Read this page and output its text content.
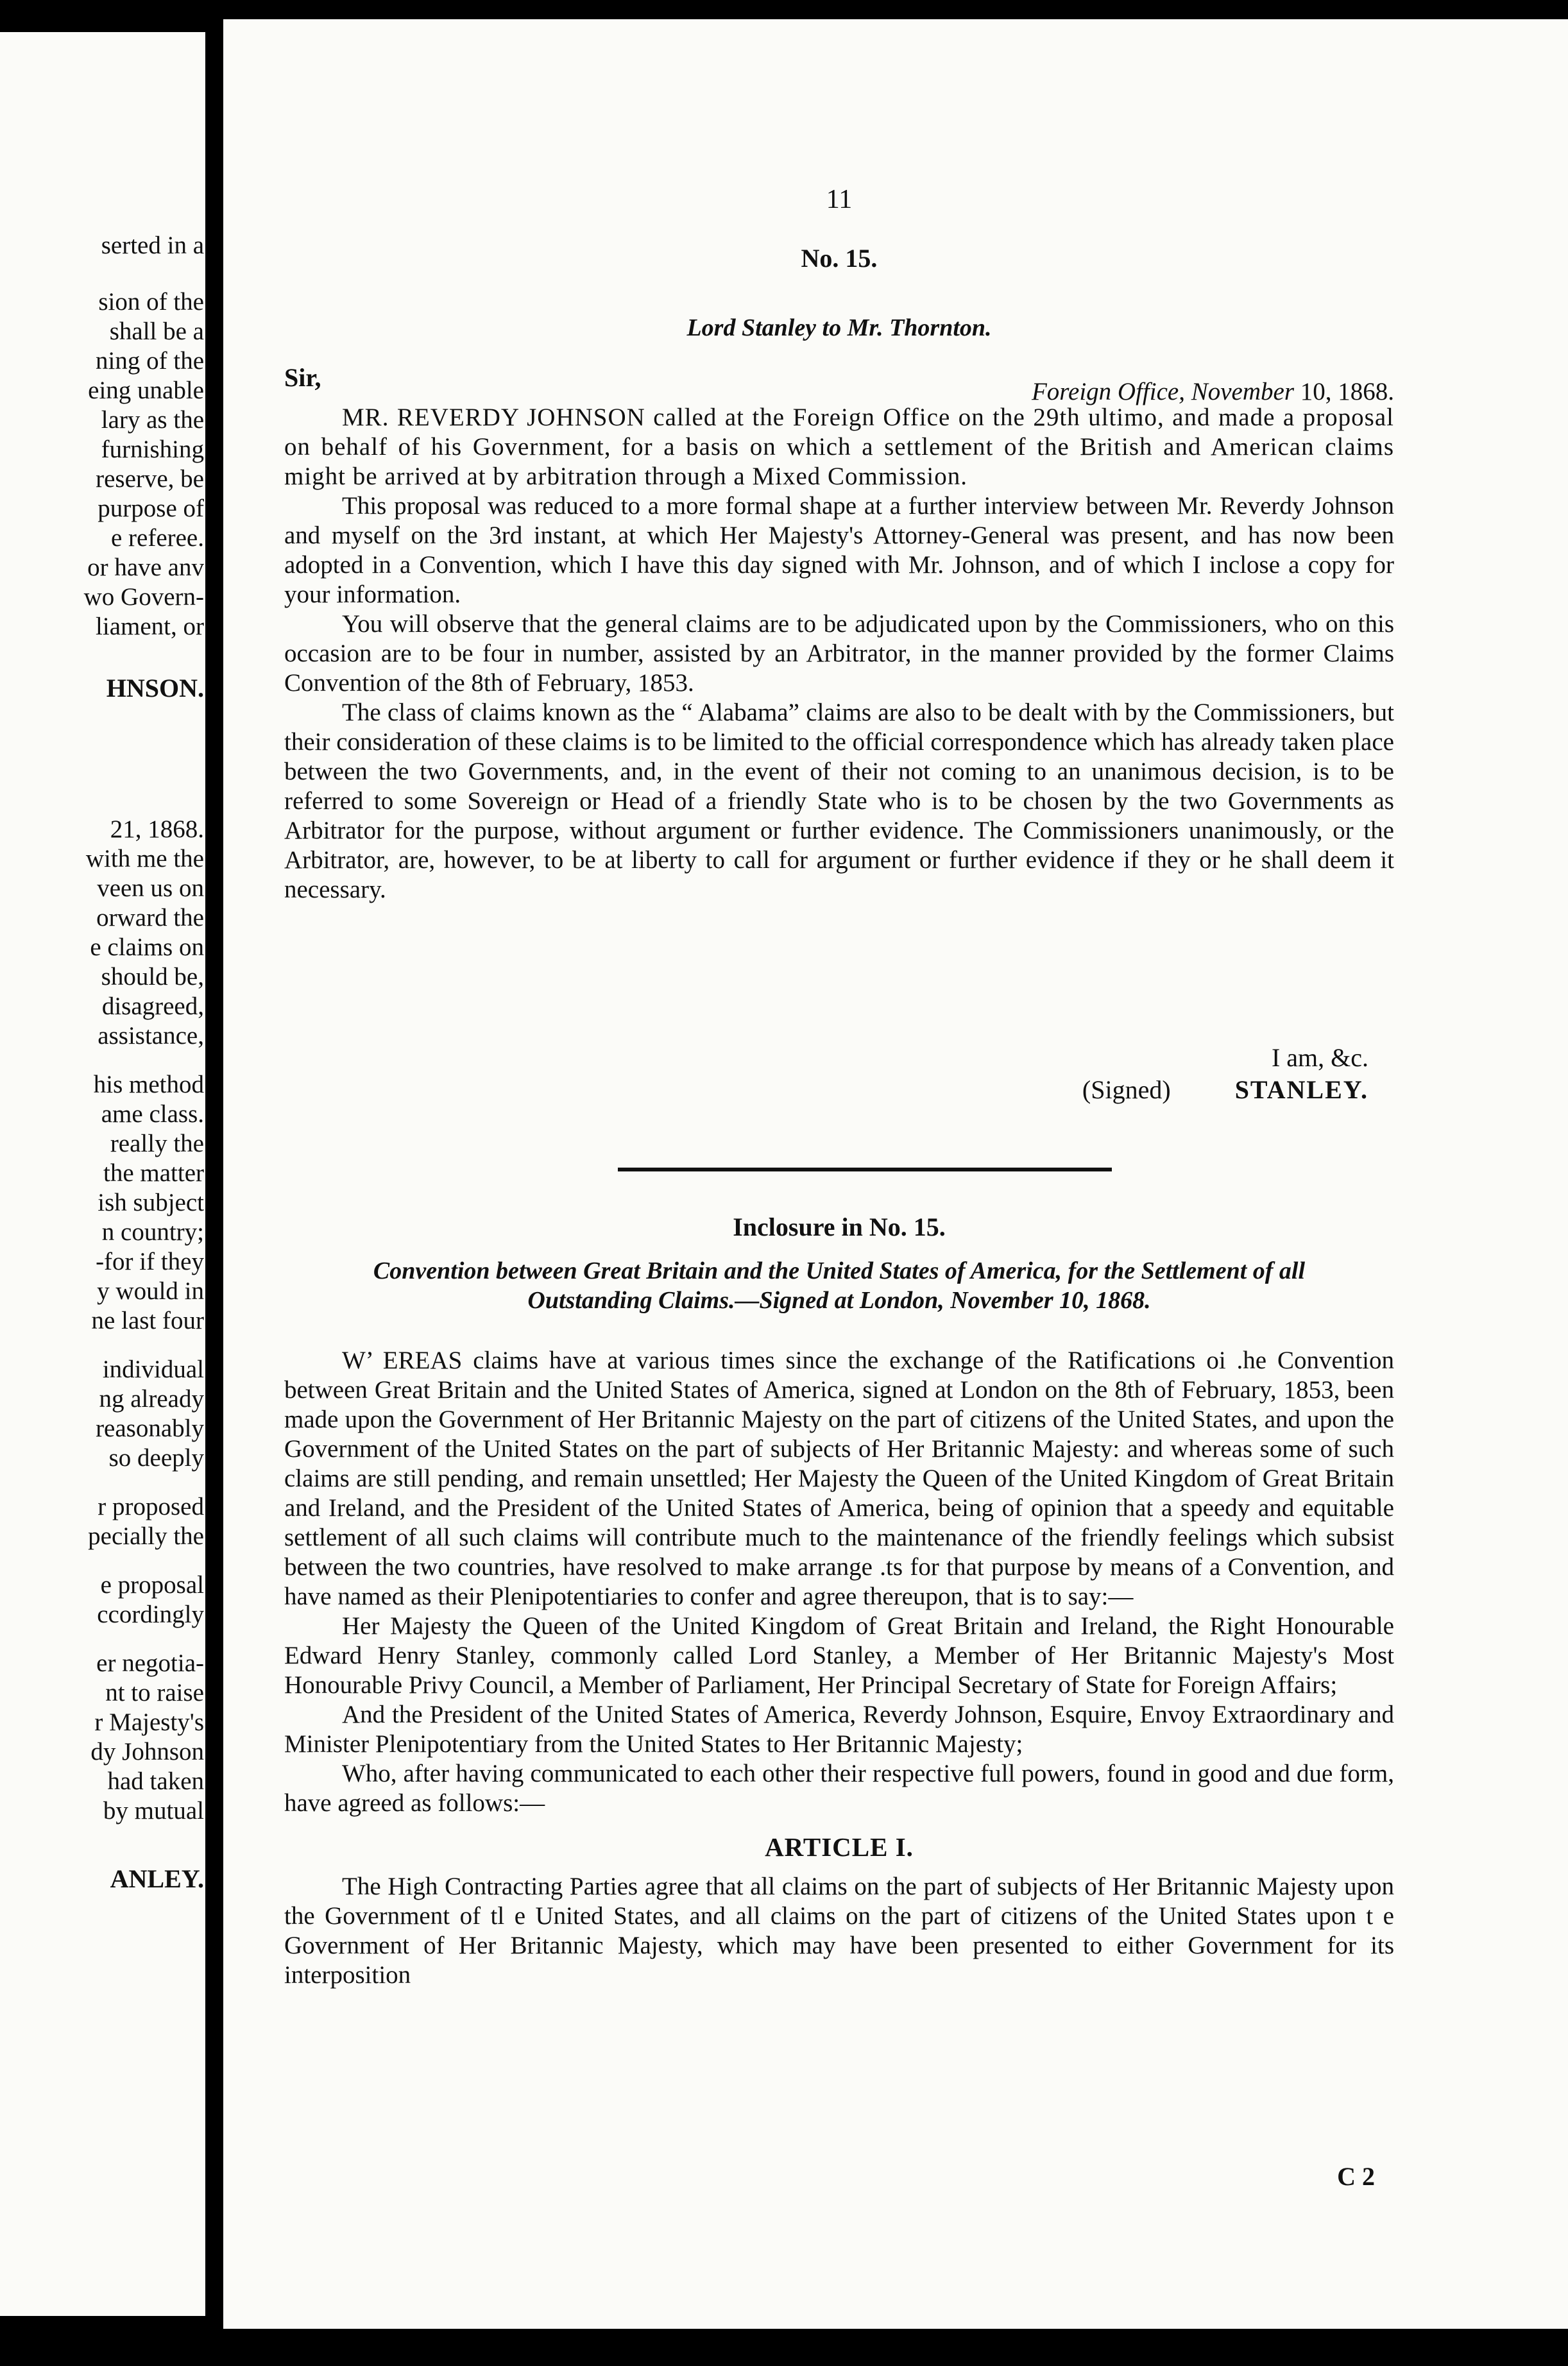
serted in a
sion of the
shall be a
ning of the
eing unable
lary as the
furnishing
reserve, be
purpose of
e referee.
or have anv
wo Govern-
liament, or
HNSON.
21, 1868.
with me the
veen us on
orward the
e claims on
should be,
disagreed,
assistance,
his method
ame class.
really the
the matter
ish subject
n country;
-for if they
y would in
ne last four
individual
ng already
reasonably
so deeply
r proposed
pecially the
e proposal
ccordingly
er negotia-
nt to raise
r Majesty's
dy Johnson
had taken
by mutual
ANLEY.
11
No. 15.
Lord Stanley to Mr. Thornton.
Sir,	Foreign Office, November 10, 1868.

MR. REVERDY JOHNSON called at the Foreign Office on the 29th ultimo, and made a proposal on behalf of his Government, for a basis on which a settlement of the British and American claims might be arrived at by arbitration through a Mixed Commission.

This proposal was reduced to a more formal shape at a further interview between Mr. Reverdy Johnson and myself on the 3rd instant, at which Her Majesty's Attorney-General was present, and has now been adopted in a Convention, which I have this day signed with Mr. Johnson, and of which I inclose a copy for your information.

You will observe that the general claims are to be adjudicated upon by the Commissioners, who on this occasion are to be four in number, assisted by an Arbitrator, in the manner provided by the former Claims Convention of the 8th of February, 1853.

The class of claims known as the “ Alabama” claims are also to be dealt with by the Commissioners, but their consideration of these claims is to be limited to the official correspondence which has already taken place between the two Governments, and, in the event of their not coming to an unanimous decision, is to be referred to some Sovereign or Head of a friendly State who is to be chosen by the two Governments as Arbitrator for the purpose, without argument or further evidence. The Commissioners unanimously, or the Arbitrator, are, however, to be at liberty to call for argument or further evidence if they or he shall deem it necessary.

I am, &c.
(Signed)	STANLEY.
Inclosure in No. 15.
Convention between Great Britain and the United States of America, for the Settlement of all Outstanding Claims.—Signed at London, November 10, 1868.

W’ EREAS claims have at various times since the exchange of the Ratifications oi .he Convention between Great Britain and the United States of America, signed at London on the 8th of February, 1853, been made upon the Government of Her Britannic Majesty on the part of citizens of the United States, and upon the Government of the United States on the part of subjects of Her Britannic Majesty: and whereas some of such claims are still pending, and remain unsettled; Her Majesty the Queen of the United Kingdom of Great Britain and Ireland, and the President of the United States of America, being of opinion that a speedy and equitable settlement of all such claims will contribute much to the maintenance of the friendly feelings which subsist between the two countries, have resolved to make arrange .ts for that purpose by means of a Convention, and have named as their Plenipotentiaries to confer and agree thereupon, that is to say:—

Her Majesty the Queen of the United Kingdom of Great Britain and Ireland, the Right Honourable Edward Henry Stanley, commonly called Lord Stanley, a Member of Her Britannic Majesty's Most Honourable Privy Council, a Member of Parliament, Her Principal Secretary of State for Foreign Affairs;

And the President of the United States of America, Reverdy Johnson, Esquire, Envoy Extraordinary and Minister Plenipotentiary from the United States to Her Britannic Majesty;

Who, after having communicated to each other their respective full powers, found in good and due form, have agreed as follows:—

ARTICLE I.

The High Contracting Parties agree that all claims on the part of subjects of Her Britannic Majesty upon the Government of tl e United States, and all claims on the part of citizens of the United States upon t e Government of Her Britannic Majesty, which may have been presented to either Government for its interposition

C 2
